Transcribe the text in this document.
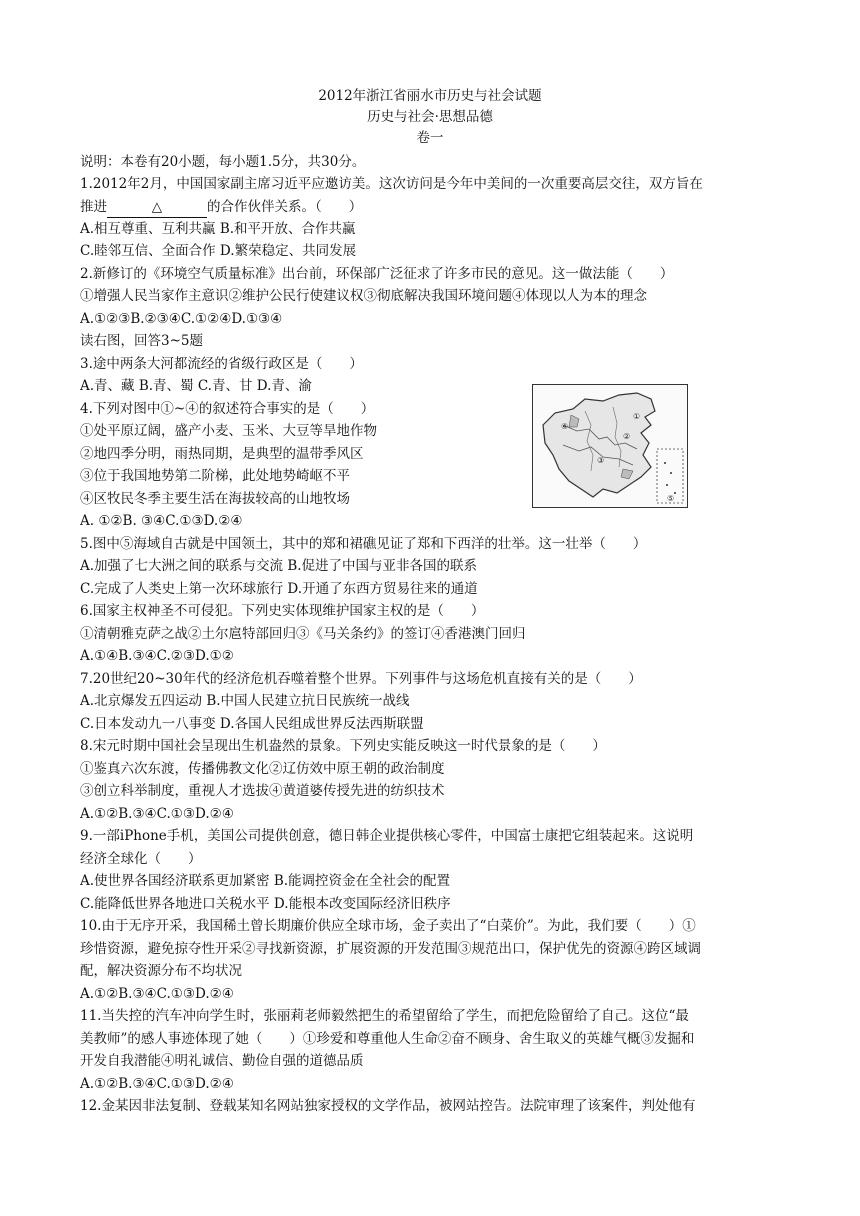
2012年浙江省丽水市历史与社会试题
历史与社会·思想品德
卷一
说明：本卷有20小题，每小题1.5分，共30分。
1.2012年2月，中国国家副主席习近平应邀访美。这次访问是今年中美间的一次重要高层交往，双方旨在
推进	△	的合作伙伴关系。（　　）
A.相互尊重、互利共赢 B.和平开放、合作共赢
C.睦邻互信、全面合作 D.繁荣稳定、共同发展
2.新修订的《环境空气质量标准》出台前，环保部广泛征求了许多市民的意见。这一做法能（　　）
①增强人民当家作主意识②维护公民行使建议权③彻底解决我国环境问题④体现以人为本的理念
A.①②③B.②③④C.①②④D.①③④
读右图，回答3~5题
3.途中两条大河都流经的省级行政区是（　　）
A.青、藏 B.青、蜀 C.青、甘 D.青、渝
4.下列对图中①~④的叙述符合事实的是（　　）
①处平原辽阔，盛产小麦、玉米、大豆等旱地作物
②地四季分明，雨热同期，是典型的温带季风区
③位于我国地势第二阶梯，此处地势崎岖不平
④区牧民冬季主要生活在海拔较高的山地牧场
A. ①②B. ③④C.①③D.②④
5.图中⑤海域自古就是中国领土，其中的郑和裙礁见证了郑和下西洋的壮举。这一壮举（　　）
A.加强了七大洲之间的联系与交流 B.促进了中国与亚非各国的联系
C.完成了人类史上第一次环球旅行 D.开通了东西方贸易往来的通道
6.国家主权神圣不可侵犯。下列史实体现维护国家主权的是（　　）
①清朝雅克萨之战②土尔扈特部回归③《马关条约》的签订④香港澳门回归
A.①④B.③④C.②③D.①②
7.20世纪20~30年代的经济危机吞噬着整个世界。下列事件与这场危机直接有关的是（　　）
A.北京爆发五四运动 B.中国人民建立抗日民族统一战线
C.日本发动九一八事变 D.各国人民组成世界反法西斯联盟
8.宋元时期中国社会呈现出生机盎然的景象。下列史实能反映这一时代景象的是（　　）
①鉴真六次东渡，传播佛教文化②辽仿效中原王朝的政治制度
③创立科举制度，重视人才选拔④黄道婆传授先进的纺织技术
A.①②B.③④C.①③D.②④
9.一部iPhone手机，美国公司提供创意，德日韩企业提供核心零件，中国富士康把它组装起来。这说明
经济全球化（　　）
A.使世界各国经济联系更加紧密 B.能调控资金在全社会的配置
C.能降低世界各地进口关税水平 D.能根本改变国际经济旧秩序
10.由于无序开采，我国稀土曾长期廉价供应全球市场，金子卖出了“白菜价”。为此，我们要（　　）①
珍惜资源，避免掠夺性开采②寻找新资源，扩展资源的开发范围③规范出口，保护优先的资源④跨区域调
配，解决资源分布不均状况
A.①②B.③④C.①③D.②④
11.当失控的汽车冲向学生时，张丽莉老师毅然把生的希望留给了学生，而把危险留给了自己。这位“最
美教师”的感人事迹体现了她（　　）①珍爱和尊重他人生命②奋不顾身、舍生取义的英雄气概③发掘和
开发自我潜能④明礼诚信、勤俭自强的道德品质
A.①②B.③④C.①③D.②④
12.金某因非法复制、登载某知名网站独家授权的文学作品，被网站控告。法院审理了该案件，判处他有
④
①
②
③
⑤
